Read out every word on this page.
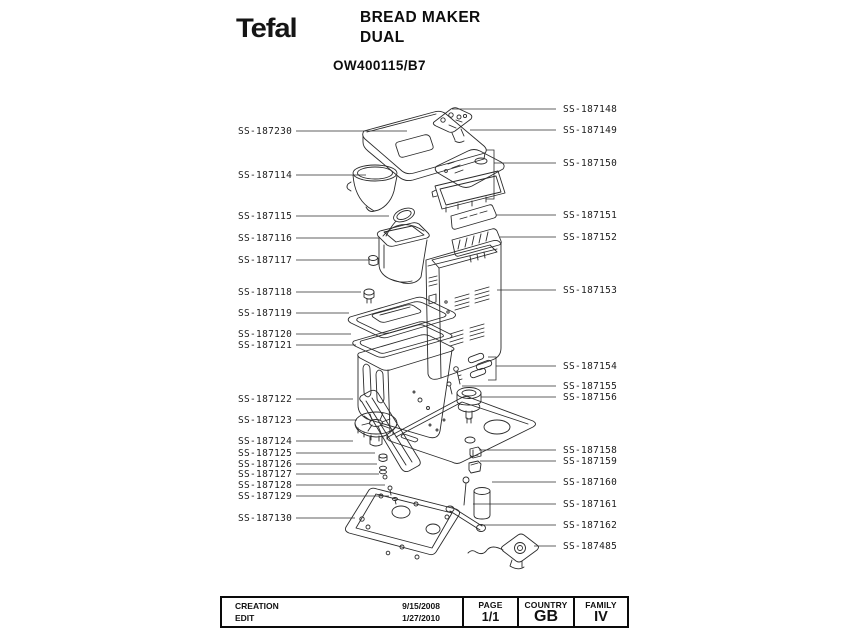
Tefal	BREAD MAKER
DUAL
OW400115/B7
SS-187230
SS-187114
SS-187115
SS-187116
SS-187117
SS-187118
SS-187119
SS-187120
SS-187121
SS-187122
SS-187123
SS-187124
SS-187125
SS-187126
SS-187127
SS-187128
SS-187129
SS-187130
SS-187148
SS-187149
SS-187150
SS-187151
SS-187152
SS-187153
SS-187154
SS-187155
SS-187156
SS-187158
SS-187159
SS-187160
SS-187161
SS-187162
SS-187485
CREATION	9/15/2008
EDIT	1/27/2010
PAGE
1/1
COUNTRY
GB
FAMILY
IV
